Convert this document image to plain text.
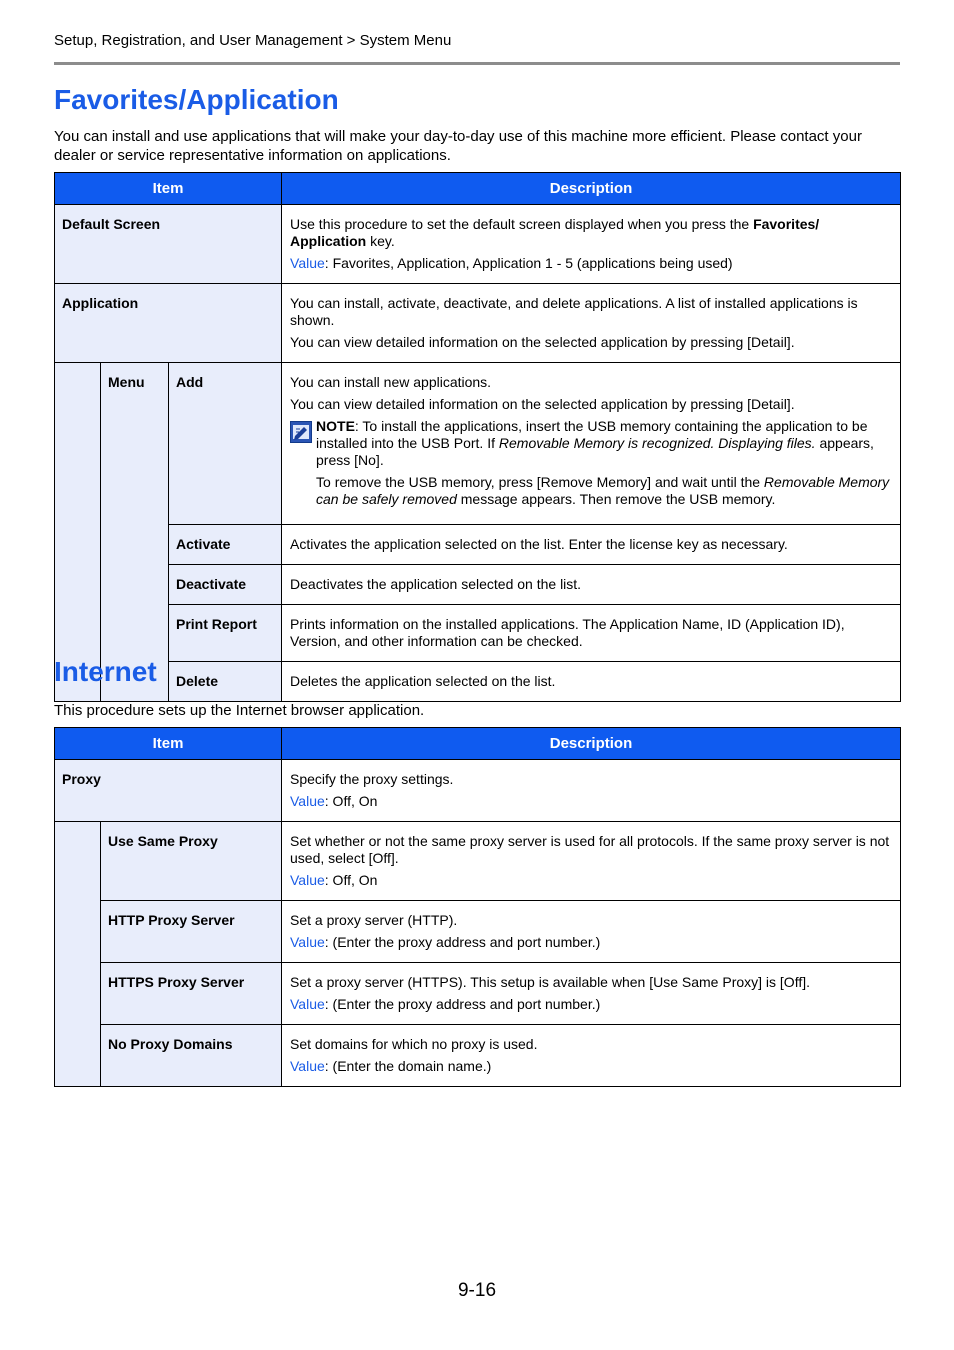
Setup, Registration, and User Management > System Menu
Favorites/Application

You can install and use applications that will make your day-to-day use of this machine more efficient. Please contact your dealer or service representative information on applications.

Item			Description
Default Screen			Use this procedure to set the default screen displayed when you press the Favorites/ Application key.

Value: Favorites, Application, Application 1 - 5 (applications being used)

Application			You can install, activate, deactivate, and delete applications. A list of installed applications is shown.

You can view detailed information on the selected application by pressing [Detail].

	Menu	Add	You can install new applications.

You can view detailed information on the selected application by pressing [Detail].

NOTE: To install the applications, insert the USB memory containing the application to be installed into the USB Port. If Removable Memory is recognized. Displaying files. appears, press [No].

To remove the USB memory, press [Remove Memory] and wait until the Removable Memory can be safely removed message appears. Then remove the USB memory.

		Activate	Activates the application selected on the list. Enter the license key as necessary.

		Deactivate	Deactivates the application selected on the list.

		Print Report	Prints information on the installed applications. The Application Name, ID (Application ID), Version, and other information can be checked.

		Delete	Deletes the application selected on the list.

Internet

This procedure sets up the Internet browser application.

Item		Description
Proxy		Specify the proxy settings.

Value: Off, On

	Use Same Proxy	Set whether or not the same proxy server is used for all protocols. If the same proxy server is not used, select [Off].

Value: Off, On

	HTTP Proxy Server	Set a proxy server (HTTP).

Value: (Enter the proxy address and port number.)

	HTTPS Proxy Server	Set a proxy server (HTTPS). This setup is available when [Use Same Proxy] is [Off].

Value: (Enter the proxy address and port number.)

	No Proxy Domains	Set domains for which no proxy is used.

Value: (Enter the domain name.)

9-16
